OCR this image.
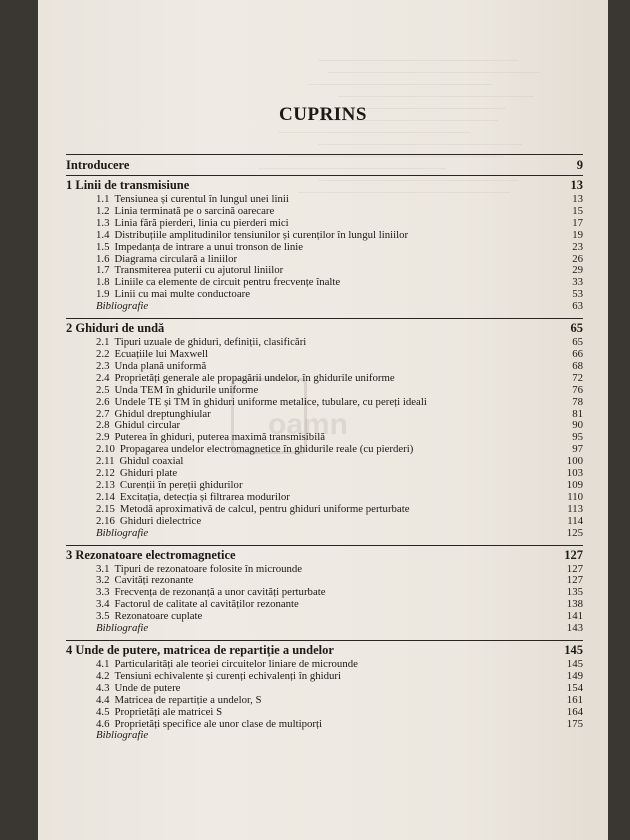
oamn
CUPRINS
Introducere	9
1 Linii de transmisiune	13
1.1 Tensiunea și curentul în lungul unei linii	13
1.2 Linia terminată pe o sarcină oarecare	15
1.3 Linia fără pierderi, linia cu pierderi mici	17
1.4 Distribuțiile amplitudinilor tensiunilor și curenților în lungul liniilor	19
1.5 Impedanța de intrare a unui tronson de linie	23
1.6 Diagrama circulară a liniilor	26
1.7 Transmiterea puterii cu ajutorul liniilor	29
1.8 Liniile ca elemente de circuit pentru frecvențe înalte	33
1.9 Linii cu mai multe conductoare	53
Bibliografie	63
2 Ghiduri de undă	65
2.1 Tipuri uzuale de ghiduri, definiții, clasificări	65
2.2 Ecuațiile lui Maxwell	66
2.3 Unda plană uniformă	68
2.4 Proprietăți generale ale propagării undelor, în ghidurile uniforme	72
2.5 Unda TEM în ghidurile uniforme	76
2.6 Undele TE și TM în ghiduri uniforme metalice, tubulare, cu pereți ideali	78
2.7 Ghidul dreptunghiular	81
2.8 Ghidul circular	90
2.9 Puterea în ghiduri, puterea maximă transmisibilă	95
2.10 Propagarea undelor electromagnetice în ghidurile reale (cu pierderi)	97
2.11 Ghidul coaxial	100
2.12 Ghiduri plate	103
2.13 Curenții în pereții ghidurilor	109
2.14 Excitația, detecția și filtrarea modurilor	110
2.15 Metodă aproximativă de calcul, pentru ghiduri uniforme perturbate	113
2.16 Ghiduri dielectrice	114
Bibliografie	125
3 Rezonatoare electromagnetice	127
3.1 Tipuri de rezonatoare folosite în microunde	127
3.2 Cavități rezonante	127
3.3 Frecvența de rezonanță a unor cavități perturbate	135
3.4 Factorul de calitate al cavităților rezonante	138
3.5 Rezonatoare cuplate	141
Bibliografie	143
4 Unde de putere, matricea de repartiție a undelor	145
4.1 Particularități ale teoriei circuitelor liniare de microunde	145
4.2 Tensiuni echivalente și curenți echivalenți în ghiduri	149
4.3 Unde de putere	154
4.4 Matricea de repartiție a undelor, S	161
4.5 Proprietăți ale matricei S	164
4.6 Proprietăți specifice ale unor clase de multiporți	175
Bibliografie
